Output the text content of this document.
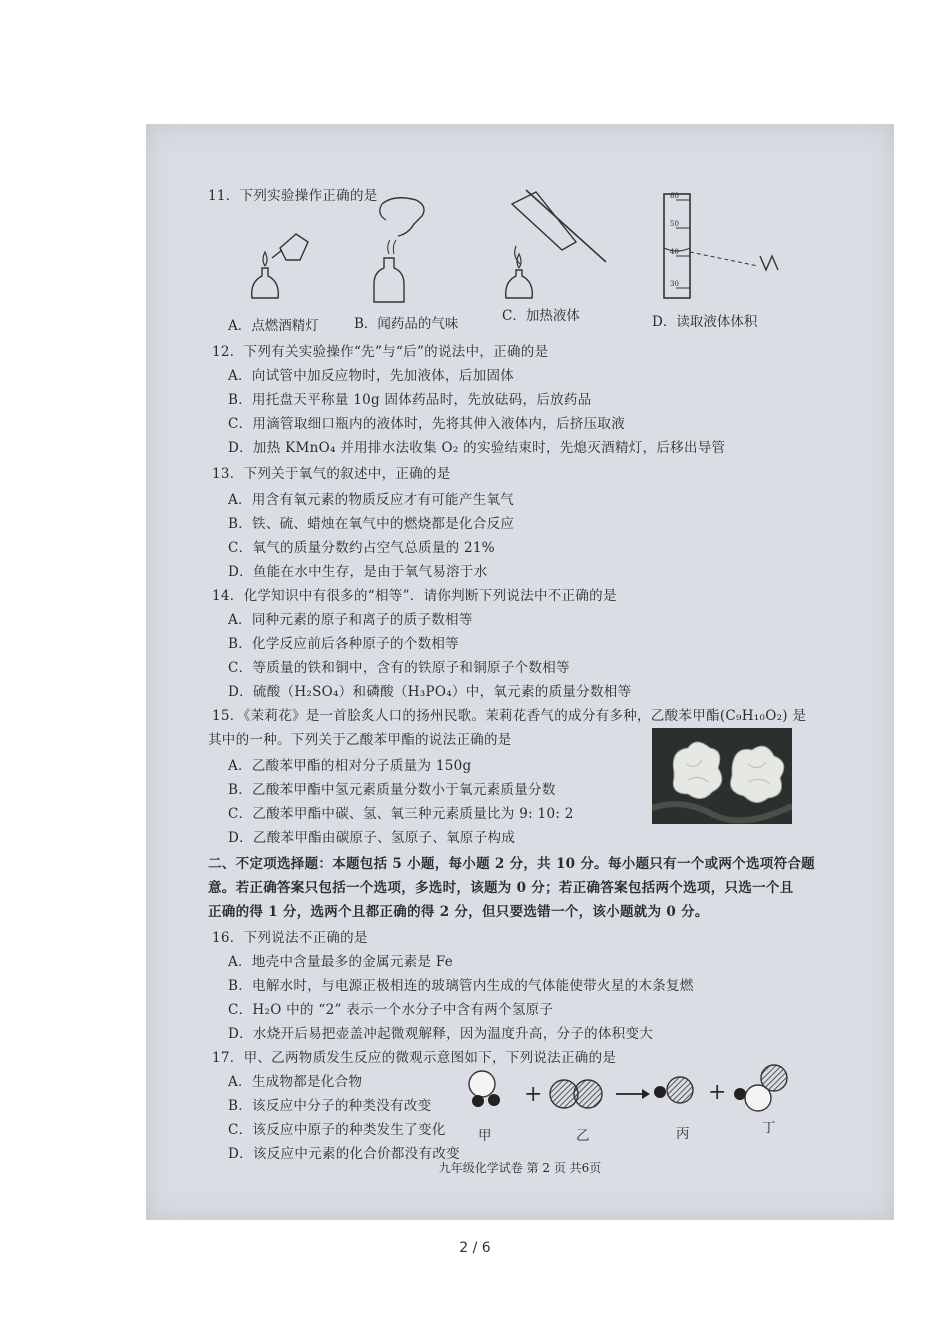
11．下列实验操作正确的是	60
50
40
30
A．点燃酒精灯	B．闻药品的气味	C．加热液体	D．读取液体体积
12．下列有关实验操作“先”与“后”的说法中，正确的是
A．向试管中加反应物时，先加液体，后加固体
B．用托盘天平称量 10g 固体药品时，先放砝码，后放药品
C．用滴管取细口瓶内的液体时，先将其伸入液体内，后挤压取液
D．加热 KMnO₄ 并用排水法收集 O₂ 的实验结束时，先熄灭酒精灯，后移出导管
13．下列关于氧气的叙述中，正确的是
A．用含有氧元素的物质反应才有可能产生氧气
B．铁、硫、蜡烛在氧气中的燃烧都是化合反应
C．氧气的质量分数约占空气总质量的 21%
D．鱼能在水中生存，是由于氧气易溶于水
14．化学知识中有很多的“相等”．请你判断下列说法中不正确的是
A．同种元素的原子和离子的质子数相等
B．化学反应前后各种原子的个数相等
C．等质量的铁和铜中，含有的铁原子和铜原子个数相等
D．硫酸（H₂SO₄）和磷酸（H₃PO₄）中，氧元素的质量分数相等
15．《茉莉花》是一首脍炙人口的扬州民歌。茉莉花香气的成分有多种，乙酸苯甲酯(C₉H₁₀O₂) 是
其中的一种。下列关于乙酸苯甲酯的说法正确的是
A．乙酸苯甲酯的相对分子质量为 150g
B．乙酸苯甲酯中氢元素质量分数小于氧元素质量分数
C．乙酸苯甲酯中碳、氢、氧三种元素质量比为 9: 10: 2
D．乙酸苯甲酯由碳原子、氢原子、氧原子构成
二、不定项选择题：本题包括 5 小题，每小题 2 分，共 10 分。每小题只有一个或两个选项符合题
意。若正确答案只包括一个选项，多选时，该题为 0 分；若正确答案包括两个选项，只选一个且
正确的得 1 分，选两个且都正确的得 2 分，但只要选错一个，该小题就为 0 分。
16．下列说法不正确的是
A．地壳中含量最多的金属元素是 Fe
B．电解水时，与电源正极相连的玻璃管内生成的气体能使带火星的木条复燃
C．H₂O 中的 “2” 表示一个水分子中含有两个氢原子
D．水烧开后易把壶盖冲起微观解释，因为温度升高，分子的体积变大
17．甲、乙两物质发生反应的微观示意图如下，下列说法正确的是
A．生成物都是化合物
B．该反应中分子的种类没有改变
C．该反应中原子的种类发生了变化
D．该反应中元素的化合价都没有改变
+	+
甲	乙	丙	丁
九年级化学试卷 第 2 页 共6页
2 / 6
